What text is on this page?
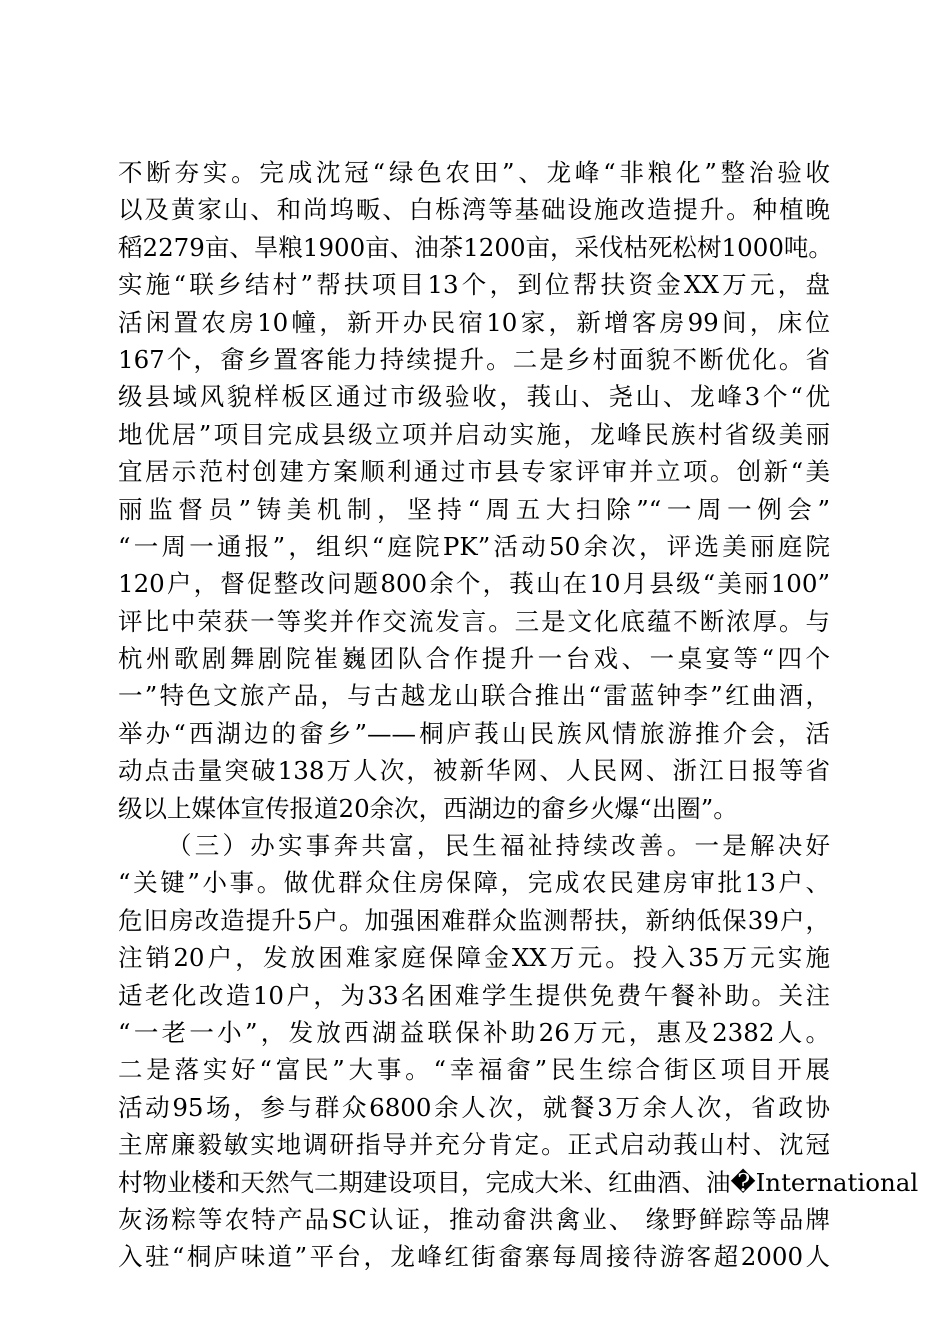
不断夯实。完成沈冠“绿色农田”、龙峰“非粮化”整治验收
以及黄家山、和尚坞畈、白栎湾等基础设施改造提升。种植晚
稻2279亩、旱粮1900亩、油茶1200亩，采伐枯死松树1000吨。
实施“联乡结村”帮扶项目13个，到位帮扶资金XX万元，盘
活闲置农房10幢，新开办民宿10家，新增客房99间，床位
167个，畲乡置客能力持续提升。二是乡村面貌不断优化。省
级县域风貌样板区通过市级验收，莪山、尧山、龙峰3个“优
地优居”项目完成县级立项并启动实施，龙峰民族村省级美丽
宜居示范村创建方案顺利通过市县专家评审并立项。创新“美
丽监督员”铸美机制，坚持“周五大扫除”“一周一例会”
“一周一通报”，组织“庭院PK”活动50余次，评选美丽庭院
120户，督促整改问题800余个，莪山在10月县级“美丽100”
评比中荣获一等奖并作交流发言。三是文化底蕴不断浓厚。与
杭州歌剧舞剧院崔巍团队合作提升一台戏、一桌宴等“四个
一”特色文旅产品，与古越龙山联合推出“雷蓝钟李”红曲酒，
举办“西湖边的畲乡”——桐庐莪山民族风情旅游推介会，活
动点击量突破138万人次，被新华网、人民网、浙江日报等省
级以上媒体宣传报道20余次，西湖边的畲乡火爆“出圈”。
（三）办实事奔共富，民生福祉持续改善。一是解决好
“关键”小事。做优群众住房保障，完成农民建房审批13户、
危旧房改造提升5户。加强困难群众监测帮扶，新纳低保39户，
注销20户，发放困难家庭保障金XX万元。投入35万元实施
适老化改造10户，为33名困难学生提供免费午餐补助。关注
“一老一小”，发放西湖益联保补助26万元，惠及2382人。
二是落实好“富民”大事。“幸福畲”民生综合街区项目开展
活动95场，参与群众6800余人次，就餐3万余人次，省政协
主席廉毅敏实地调研指导并充分肯定。正式启动莪山村、沈冠
村物业楼和天然气二期建设项目，完成大米、红曲酒、油�International
灰汤粽等农特产品SC认证，推动畲洪禽业、 缘野鲜踪等品牌
入驻“桐庐味道”平台，龙峰红街畲寨每周接待游客超2000人
